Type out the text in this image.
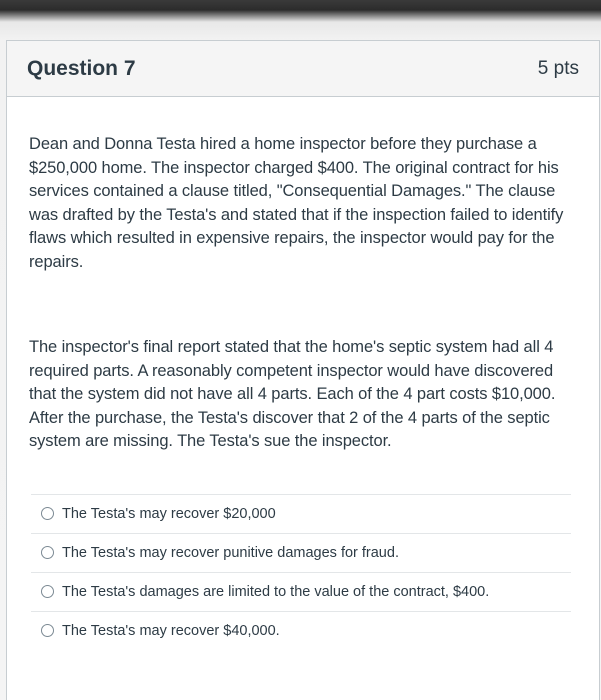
Question 7	5 pts

Dean and Donna Testa hired a home inspector before they purchase a $250,000 home. The inspector charged $400. The original contract for his services contained a clause titled, "Consequential Damages." The clause was drafted by the Testa's and stated that if the inspection failed to identify flaws which resulted in expensive repairs, the inspector would pay for the repairs.

The inspector's final report stated that the home's septic system had all 4 required parts. A reasonably competent inspector would have discovered that the system did not have all 4 parts. Each of the 4 part costs $10,000. After the purchase, the Testa's discover that 2 of the 4 parts of the septic system are missing. The Testa's sue the inspector.

The Testa's may recover $20,000
The Testa's may recover punitive damages for fraud.
The Testa's damages are limited to the value of the contract, $400.
The Testa's may recover $40,000.
